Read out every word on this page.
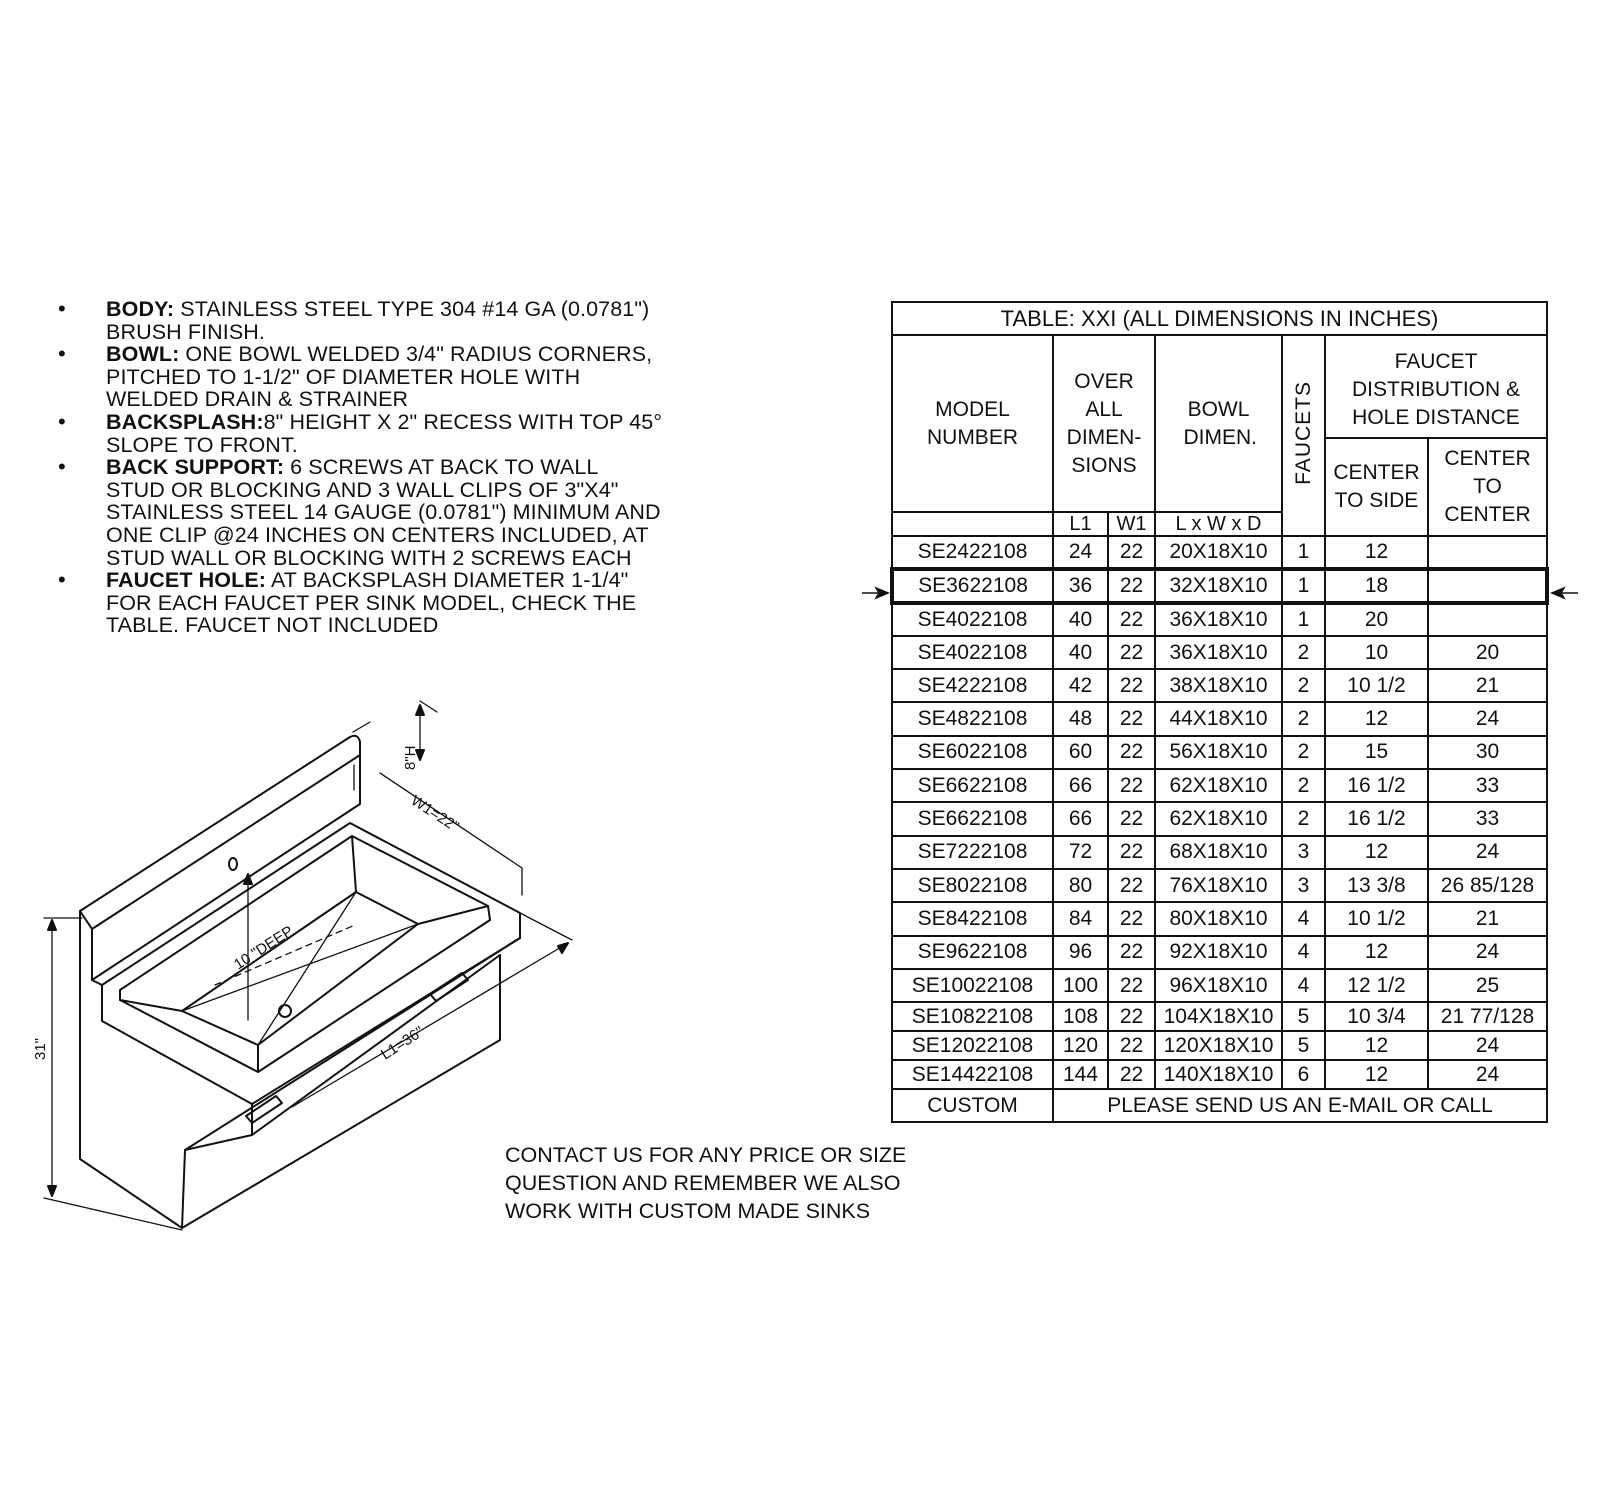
• BODY: STAINLESS STEEL TYPE 304 #14 GA (0.0781")
BRUSH FINISH.
• BOWL: ONE BOWL WELDED 3/4" RADIUS CORNERS,
PITCHED TO 1-1/2" OF DIAMETER HOLE WITH
WELDED DRAIN & STRAINER
• BACKSPLASH:8" HEIGHT X 2" RECESS WITH TOP 45°
SLOPE TO FRONT.
• BACK SUPPORT: 6 SCREWS AT BACK TO WALL
STUD OR BLOCKING AND 3 WALL CLIPS OF 3"X4"
STAINLESS STEEL 14 GAUGE (0.0781") MINIMUM AND
ONE CLIP @24 INCHES ON CENTERS INCLUDED, AT
STUD WALL OR BLOCKING WITH 2 SCREWS EACH
• FAUCET HOLE: AT BACKSPLASH DIAMETER 1-1/4"
FOR EACH FAUCET PER SINK MODEL, CHECK THE
TABLE. FAUCET NOT INCLUDED
TABLE: XXI (ALL DIMENSIONS IN INCHES)						
MODEL NUMBER	OVER ALL DIMEN- SIONS		BOWL DIMEN.	FAUCETS	FAUCET DISTRIBUTION & HOLE DISTANCE	

					CENTER TO SIDE	CENTER TO CENTER

	L1	W1	L x W x D			
SE2422108	24	22	20X18X10	1	12	
SE3622108	36	22	32X18X10	1	18	
SE4022108	40	22	36X18X10	1	20	
SE4022108	40	22	36X18X10	2	10	20
SE4222108	42	22	38X18X10	2	10 1/2	21
SE4822108	48	22	44X18X10	2	12	24
SE6022108	60	22	56X18X10	2	15	30
SE6622108	66	22	62X18X10	2	16 1/2	33
SE6622108	66	22	62X18X10	2	16 1/2	33
SE7222108	72	22	68X18X10	3	12	24
SE8022108	80	22	76X18X10	3	13 3/8	26 85/128
SE8422108	84	22	80X18X10	4	10 1/2	21
SE9622108	96	22	92X18X10	4	12	24
SE10022108	100	22	96X18X10	4	12 1/2	25
SE10822108	108	22	104X18X10	5	10 3/4	21 77/128
SE12022108	120	22	120X18X10	5	12	24
SE14422108	144	22	140X18X10	6	12	24
CUSTOM	PLEASE SEND US AN E-MAIL OR CALL					
8"H
W1=22"
10 "DEEP
L1=36"
31"
CONTACT US FOR ANY PRICE OR SIZE
QUESTION AND REMEMBER WE ALSO
WORK WITH CUSTOM MADE SINKS
